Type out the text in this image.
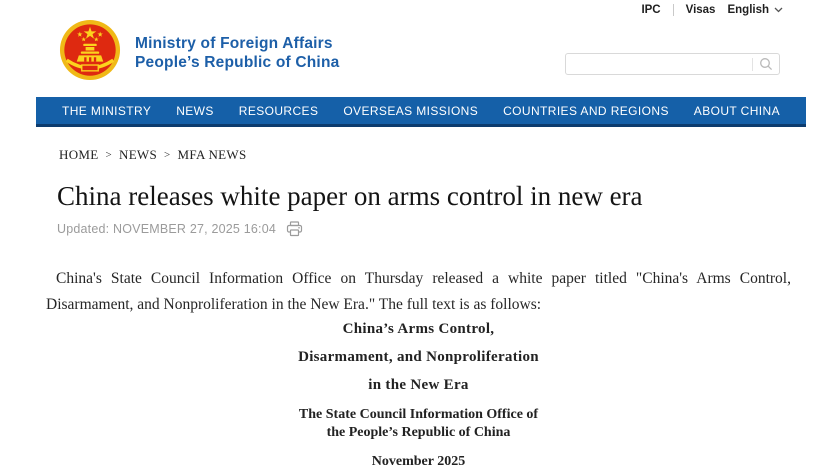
IPC Visas English
Ministry of Foreign Affairs
People’s Republic of China
THE MINISTRY NEWS RESOURCES OVERSEAS MISSIONS COUNTRIES AND REGIONS ABOUT CHINA
HOME > NEWS > MFA NEWS
China releases white paper on arms control in new era
Updated: NOVEMBER 27, 2025 16:04

China's State Council Information Office on Thursday released a white paper titled "China's Arms Control, Disarmament, and Nonproliferation in the New Era." The full text is as follows:

China’s Arms Control,
Disarmament, and Nonproliferation
in the New Era
The State Council Information Office of
the People’s Republic of China
November 2025
